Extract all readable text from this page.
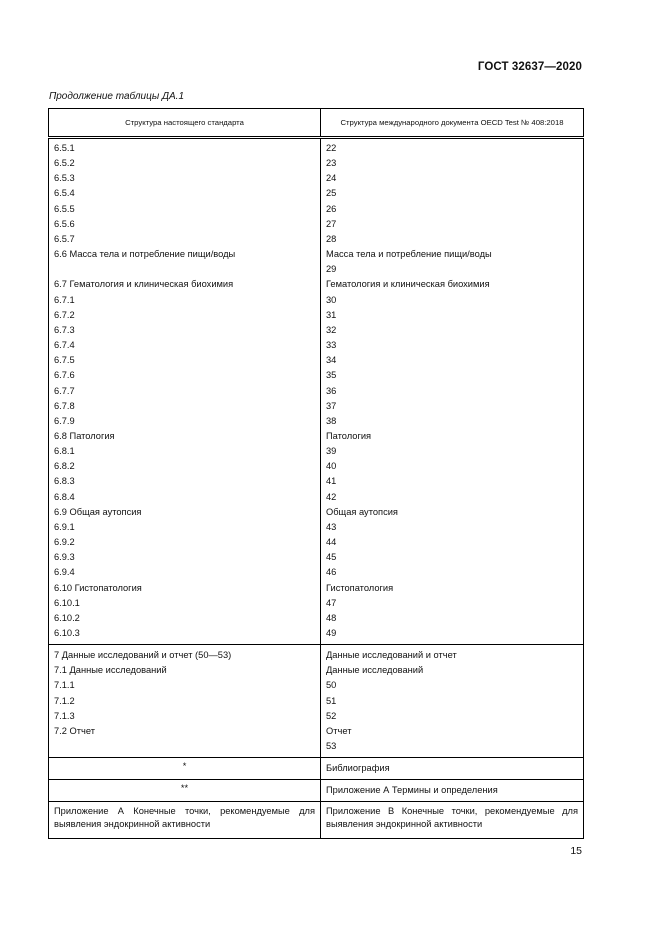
ГОСТ 32637—2020
Продолжение таблицы ДА.1
Структура настоящего стандарта	Структура международного документа OECD Test № 408:2018
6.5.1	22
6.5.2	23
6.5.3	24
6.5.4	25
6.5.5	26
6.5.6	27
6.5.7	28
6.6 Масса тела и потребление пищи/воды	Масса тела и потребление пищи/воды
	29
6.7 Гематология и клиническая биохимия	Гематология и клиническая биохимия
6.7.1	30
6.7.2	31
6.7.3	32
6.7.4	33
6.7.5	34
6.7.6	35
6.7.7	36
6.7.8	37
6.7.9	38
6.8 Патология	Патология
6.8.1	39
6.8.2	40
6.8.3	41
6.8.4	42
6.9 Общая аутопсия	Общая аутопсия
6.9.1	43
6.9.2	44
6.9.3	45
6.9.4	46
6.10 Гистопатология	Гистопатология
6.10.1	47
6.10.2	48
6.10.3	49
7 Данные исследований и отчет (50—53)	Данные исследований и отчет
7.1 Данные исследований	Данные исследований
7.1.1	50
7.1.2	51
7.1.3	52
7.2 Отчет	Отчет
	53
*	Библиография
**	Приложение А Термины и определения
Приложение А Конечные точки, рекомендуемые для выявления эндокринной активности	Приложение В Конечные точки, рекомендуемые для выявления эндокринной активности
15
